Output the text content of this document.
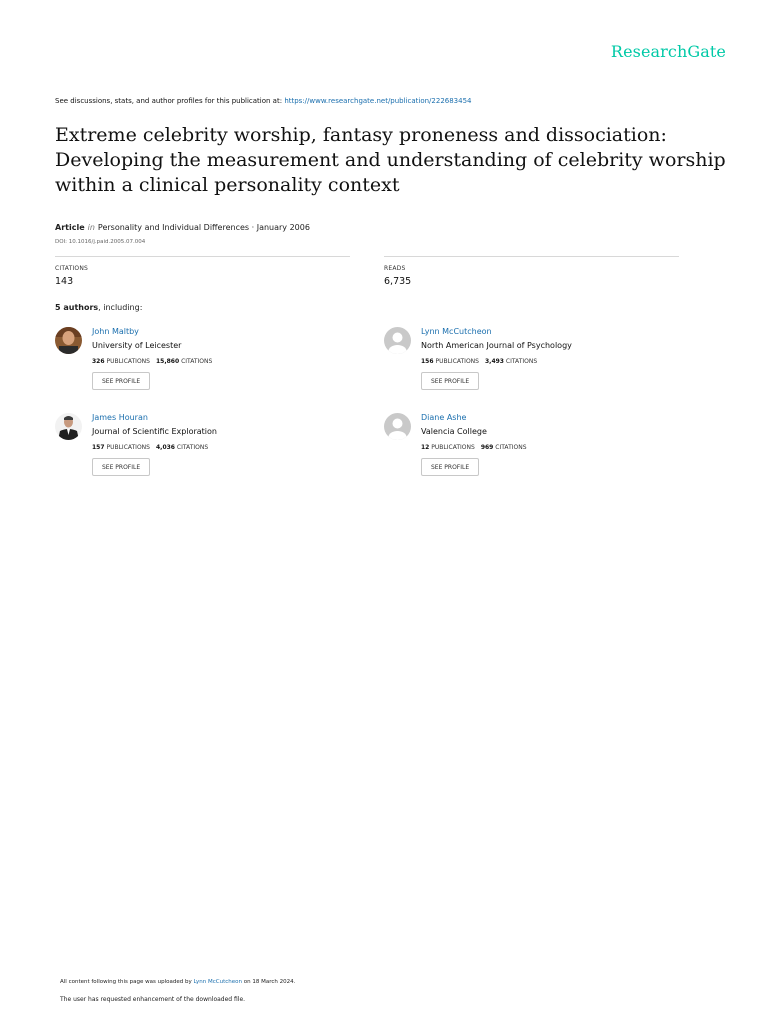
ResearchGate
See discussions, stats, and author profiles for this publication at: https://www.researchgate.net/publication/222683454
Extreme celebrity worship, fantasy proneness and dissociation: Developing the measurement and understanding of celebrity worship within a clinical personality context
Article in Personality and Individual Differences · January 2006
DOI: 10.1016/j.paid.2005.07.004
CITATIONS
143
READS
6,735
5 authors, including:
John Maltby
University of Leicester
326 PUBLICATIONS 15,860 CITATIONS
SEE PROFILE
Lynn McCutcheon
North American Journal of Psychology
156 PUBLICATIONS 3,493 CITATIONS
SEE PROFILE
James Houran
Journal of Scientific Exploration
157 PUBLICATIONS 4,036 CITATIONS
SEE PROFILE
Diane Ashe
Valencia College
12 PUBLICATIONS 969 CITATIONS
SEE PROFILE
All content following this page was uploaded by Lynn McCutcheon on 18 March 2024.
The user has requested enhancement of the downloaded file.
